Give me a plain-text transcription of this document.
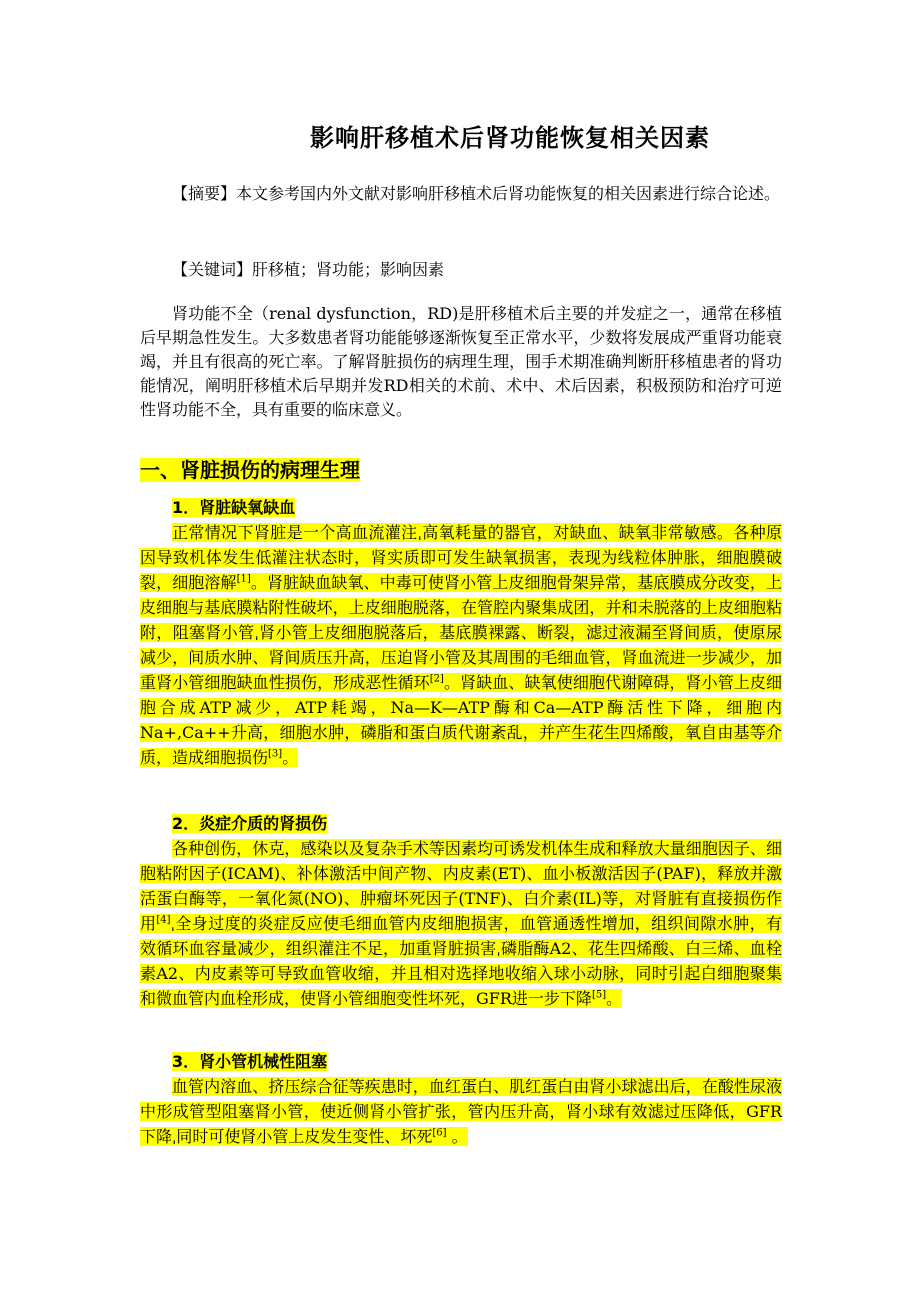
影响肝移植术后肾功能恢复相关因素
【摘要】本文参考国内外文献对影响肝移植术后肾功能恢复的相关因素进行综合论述。
【关键词】肝移植；肾功能；影响因素
肾功能不全（renal dysfunction，RD)是肝移植术后主要的并发症之一，通常在移植后早期急性发生。大多数患者肾功能能够逐渐恢复至正常水平，少数将发展成严重肾功能衰竭，并且有很高的死亡率。了解肾脏损伤的病理生理，围手术期准确判断肝移植患者的肾功能情况，阐明肝移植术后早期并发RD相关的术前、术中、术后因素，积极预防和治疗可逆性肾功能不全，具有重要的临床意义。
一、肾脏损伤的病理生理
1．肾脏缺氧缺血
正常情况下肾脏是一个高血流灌注ˌ高氧耗量的器官，对缺血、缺氧非常敏感。各种原因导致机体发生低灌注状态时，肾实质即可发生缺氧损害，表现为线粒体肿胀，细胞膜破裂，细胞溶解[1]。肾脏缺血缺氧、中毒可使肾小管上皮细胞骨架异常，基底膜成分改变，上皮细胞与基底膜粘附性破坏，上皮细胞脱落，在管腔内聚集成团，并和未脱落的上皮细胞粘附，阻塞肾小管ˌ肾小管上皮细胞脱落后，基底膜裸露、断裂，滤过液漏至肾间质，使原尿减少，间质水肿、肾间质压升高，压迫肾小管及其周围的毛细血管，肾血流进一步减少，加重肾小管细胞缺血性损伤，形成恶性循环[2]。肾缺血、缺氧使细胞代谢障碍，肾小管上皮细胞合成ATP减少，ATP耗竭，Na—K—ATP酶和Ca—ATP酶活性下降，细胞内Na+,Ca++升高，细胞水肿，磷脂和蛋白质代谢紊乱，并产生花生四烯酸，氧自由基等介质，造成细胞损伤[3]。
2．炎症介质的肾损伤
各种创伤，休克，感染以及复杂手术等因素均可诱发机体生成和释放大量细胞因子、细胞粘附因子(ICAM)、补体激活中间产物、内皮素(ET)、血小板激活因子(PAF)，释放并激活蛋白酶等，一氧化氮(NO)、肿瘤坏死因子(TNF)、白介素(IL)等，对肾脏有直接损伤作用[4]ˌ全身过度的炎症反应使毛细血管内皮细胞损害，血管通透性增加，组织间隙水肿，有效循环血容量减少，组织灌注不足，加重肾脏损害ˌ磷脂酶A2、花生四烯酸、白三烯、血栓素A2、内皮素等可导致血管收缩，并且相对选择地收缩入球小动脉，同时引起白细胞聚集和微血管内血栓形成，使肾小管细胞变性坏死，GFR进一步下降[5]。
3．肾小管机械性阻塞
血管内溶血、挤压综合征等疾患时，血红蛋白、肌红蛋白由肾小球滤出后，在酸性尿液中形成管型阻塞肾小管，使近侧肾小管扩张，管内压升高，肾小球有效滤过压降低，GFR下降ˌ同时可使肾小管上皮发生变性、坏死[6] 。
